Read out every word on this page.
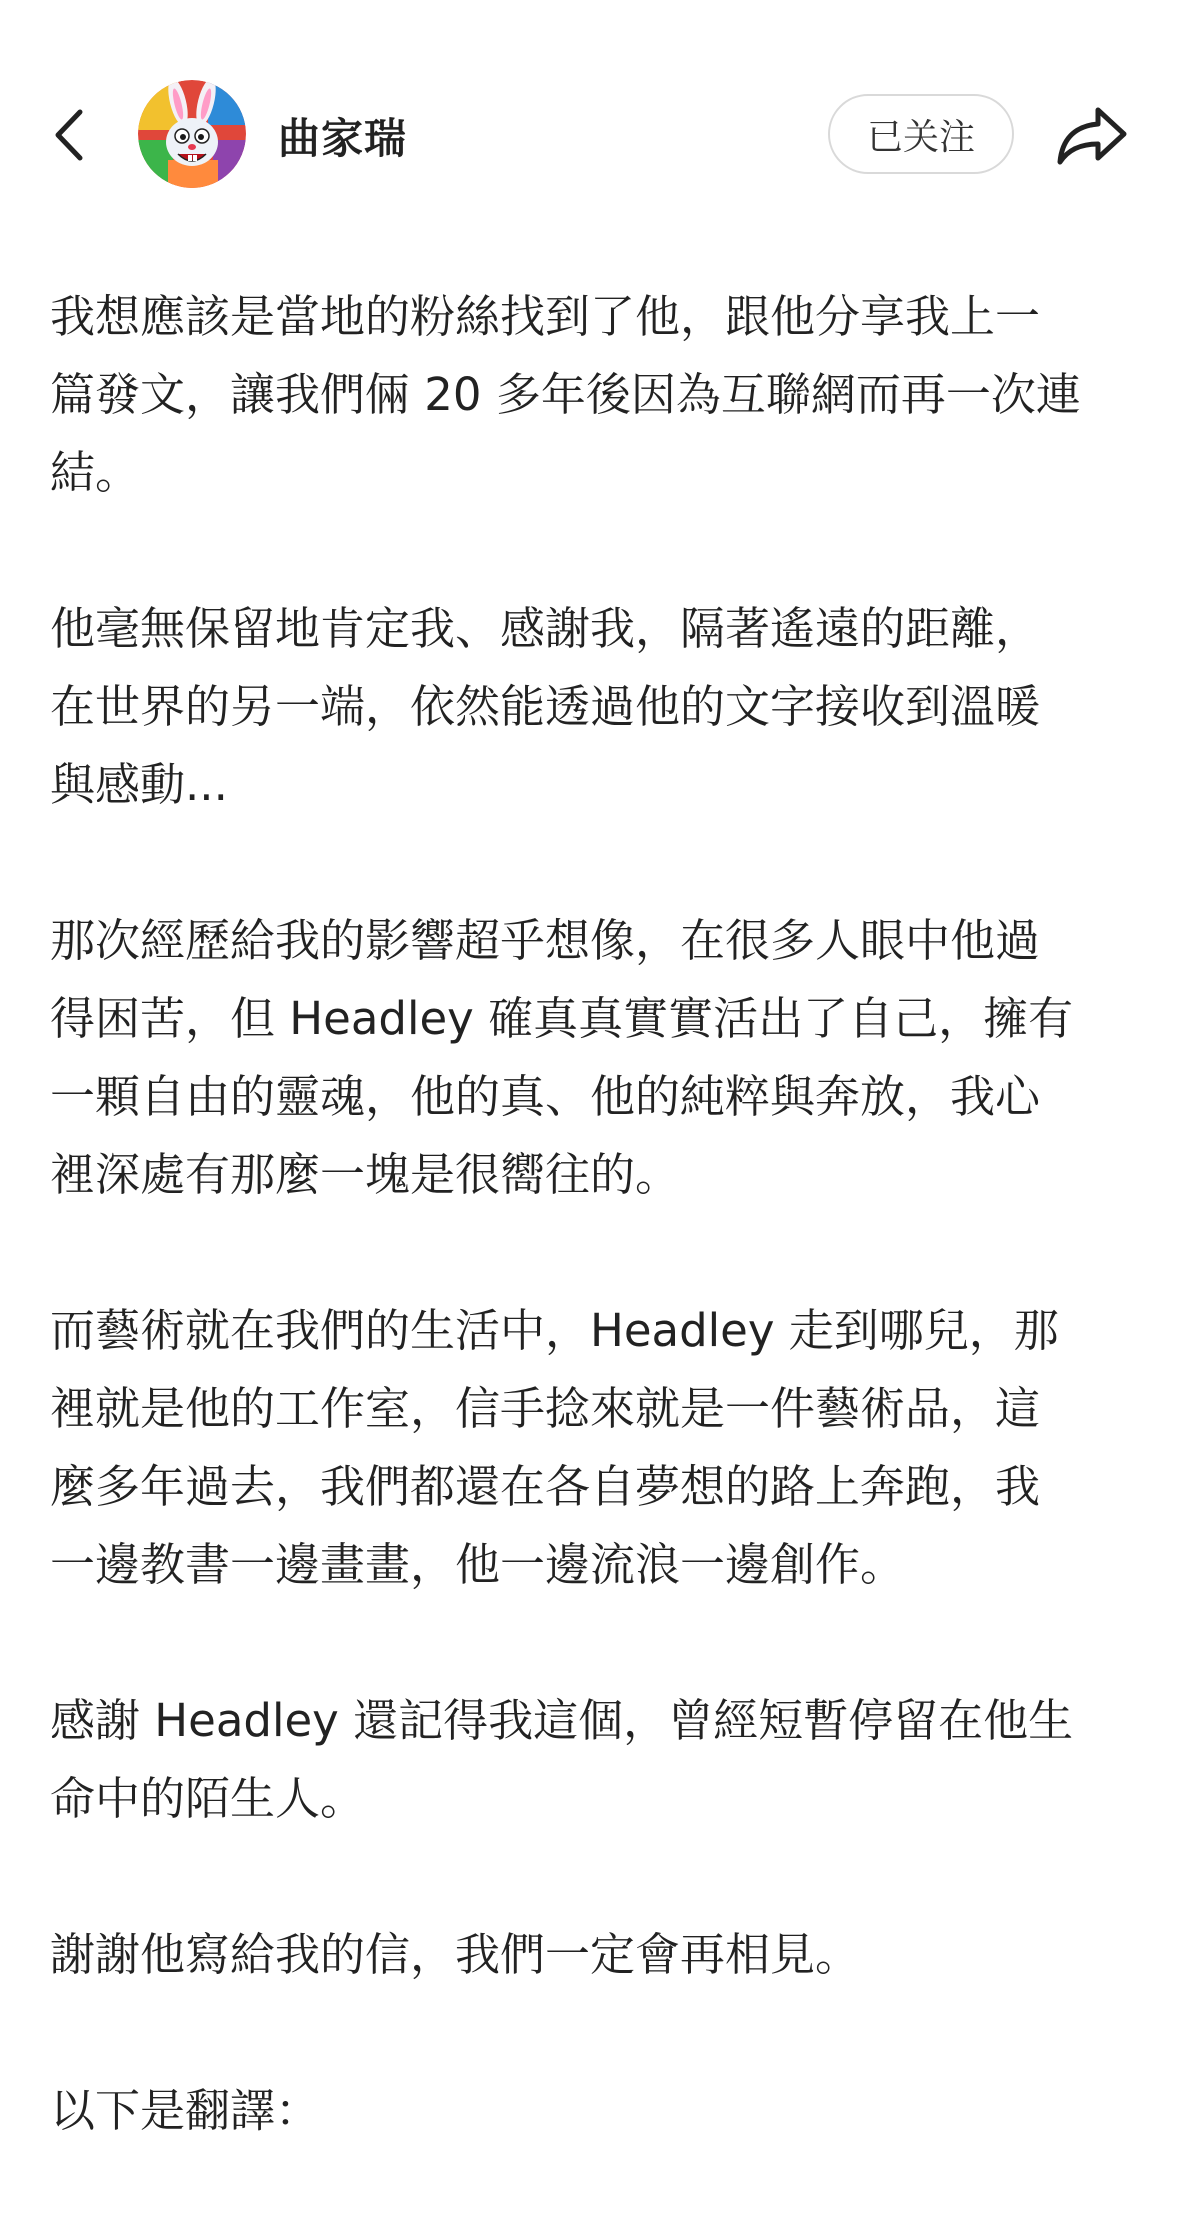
曲家瑞	已关注

我想應該是當地的粉絲找到了他，跟他分享我上一
篇發文，讓我們倆 20 多年後因為互聯網而再一次連
結。

他毫無保留地肯定我、感謝我，隔著遙遠的距離，
在世界的另一端，依然能透過他的文字接收到溫暖
與感動...

那次經歷給我的影響超乎想像，在很多人眼中他過
得困苦，但 Headley 確真真實實活出了自己，擁有
一顆自由的靈魂，他的真、他的純粹與奔放，我心
裡深處有那麼一塊是很嚮往的。

而藝術就在我們的生活中，Headley 走到哪兒，那
裡就是他的工作室，信手捻來就是一件藝術品，這
麼多年過去，我們都還在各自夢想的路上奔跑，我
一邊教書一邊畫畫，他一邊流浪一邊創作。

感謝 Headley 還記得我這個，曾經短暫停留在他生
命中的陌生人。

謝謝他寫給我的信，我們一定會再相見。

以下是翻譯：
